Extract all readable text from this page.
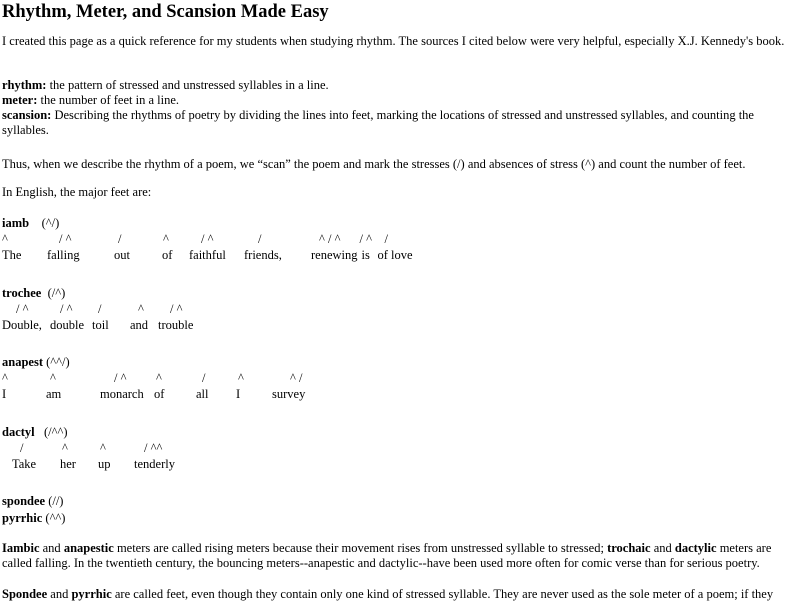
Rhythm, Meter, and Scansion Made Easy

I created this page as a quick reference for my students when studying rhythm. The sources I cited below were very helpful, especially X.J. Kennedy's book.

rhythm: the pattern of stressed and unstressed syllables in a line.
meter: the number of feet in a line.
scansion: Describing the rhythms of poetry by dividing the lines into feet, marking the locations of stressed and unstressed syllables, and counting the syllables.

Thus, when we describe the rhythm of a poem, we “scan” the poem and mark the stresses (/) and absences of stress (^) and count the number of feet.

In English, the major feet are:

iamb (^/)
^	/ ^	/	^	/ ^	/	^ / ^	/ ^	/
The	falling	out	of	faithful	friends,	renewing	is	of love
trochee (/^)
/ ^	/ ^	/	^	/ ^
Double,	double	toil	and	trouble
anapest (^^/)
^	^	/ ^	^	/	^	^ /
I	am	monarch	of	all	I	survey
dactyl (/^^)
/	^	^	/ ^^
Take	her	up	tenderly
spondee (//)
pyrrhic (^^)

Iambic and anapestic meters are called rising meters because their movement rises from unstressed syllable to stressed; trochaic and dactylic meters are called falling. In the twentieth century, the bouncing meters--anapestic and dactylic--have been used more often for comic verse than for serious poetry.

Spondee and pyrrhic are called feet, even though they contain only one kind of stressed syllable. They are never used as the sole meter of a poem; if they
